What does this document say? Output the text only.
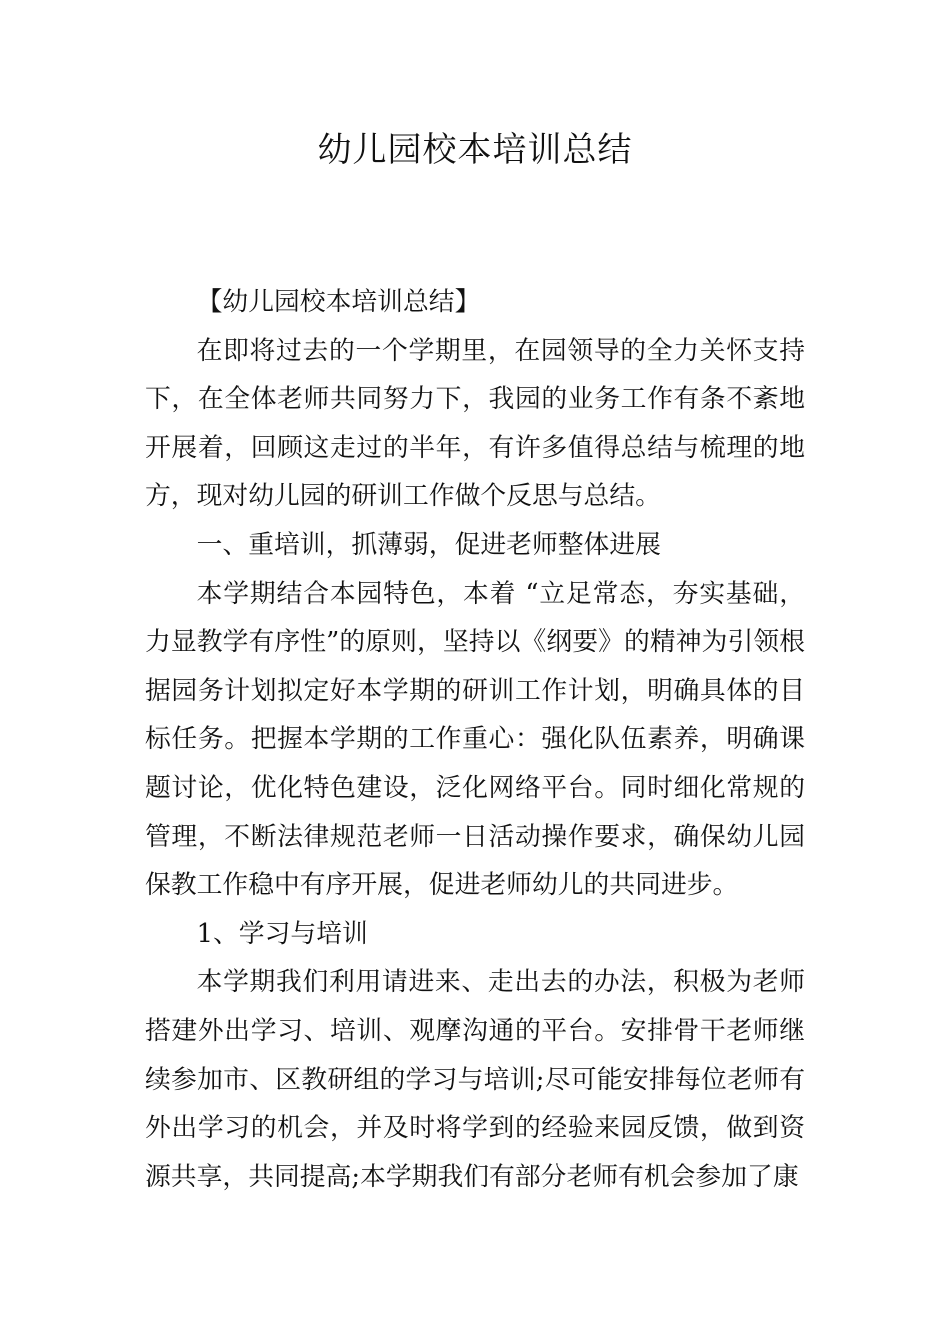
幼儿园校本培训总结

【幼儿园校本培训总结】

在即将过去的一个学期里，在园领导的全力关怀支持下，在全体老师共同努力下，我园的业务工作有条不紊地开展着，回顾这走过的半年，有许多值得总结与梳理的地方，现对幼儿园的研训工作做个反思与总结。

一、重培训，抓薄弱，促进老师整体进展

本学期结合本园特色，本着 “立足常态，夯实基础，力显教学有序性”的原则，坚持以《纲要》的精神为引领根据园务计划拟定好本学期的研训工作计划，明确具体的目标任务。把握本学期的工作重心：强化队伍素养，明确课题讨论，优化特色建设，泛化网络平台。同时细化常规的管理，不断法律规范老师一日活动操作要求，确保幼儿园保教工作稳中有序开展，促进老师幼儿的共同进步。

1、学习与培训

本学期我们利用请进来、走出去的办法，积极为老师搭建外出学习、培训、观摩沟通的平台。安排骨干老师继续参加市、区教研组的学习与培训;尽可能安排每位老师有外出学习的机会，并及时将学到的经验来园反馈，做到资源共享，共同提高;本学期我们有部分老师有机会参加了康
